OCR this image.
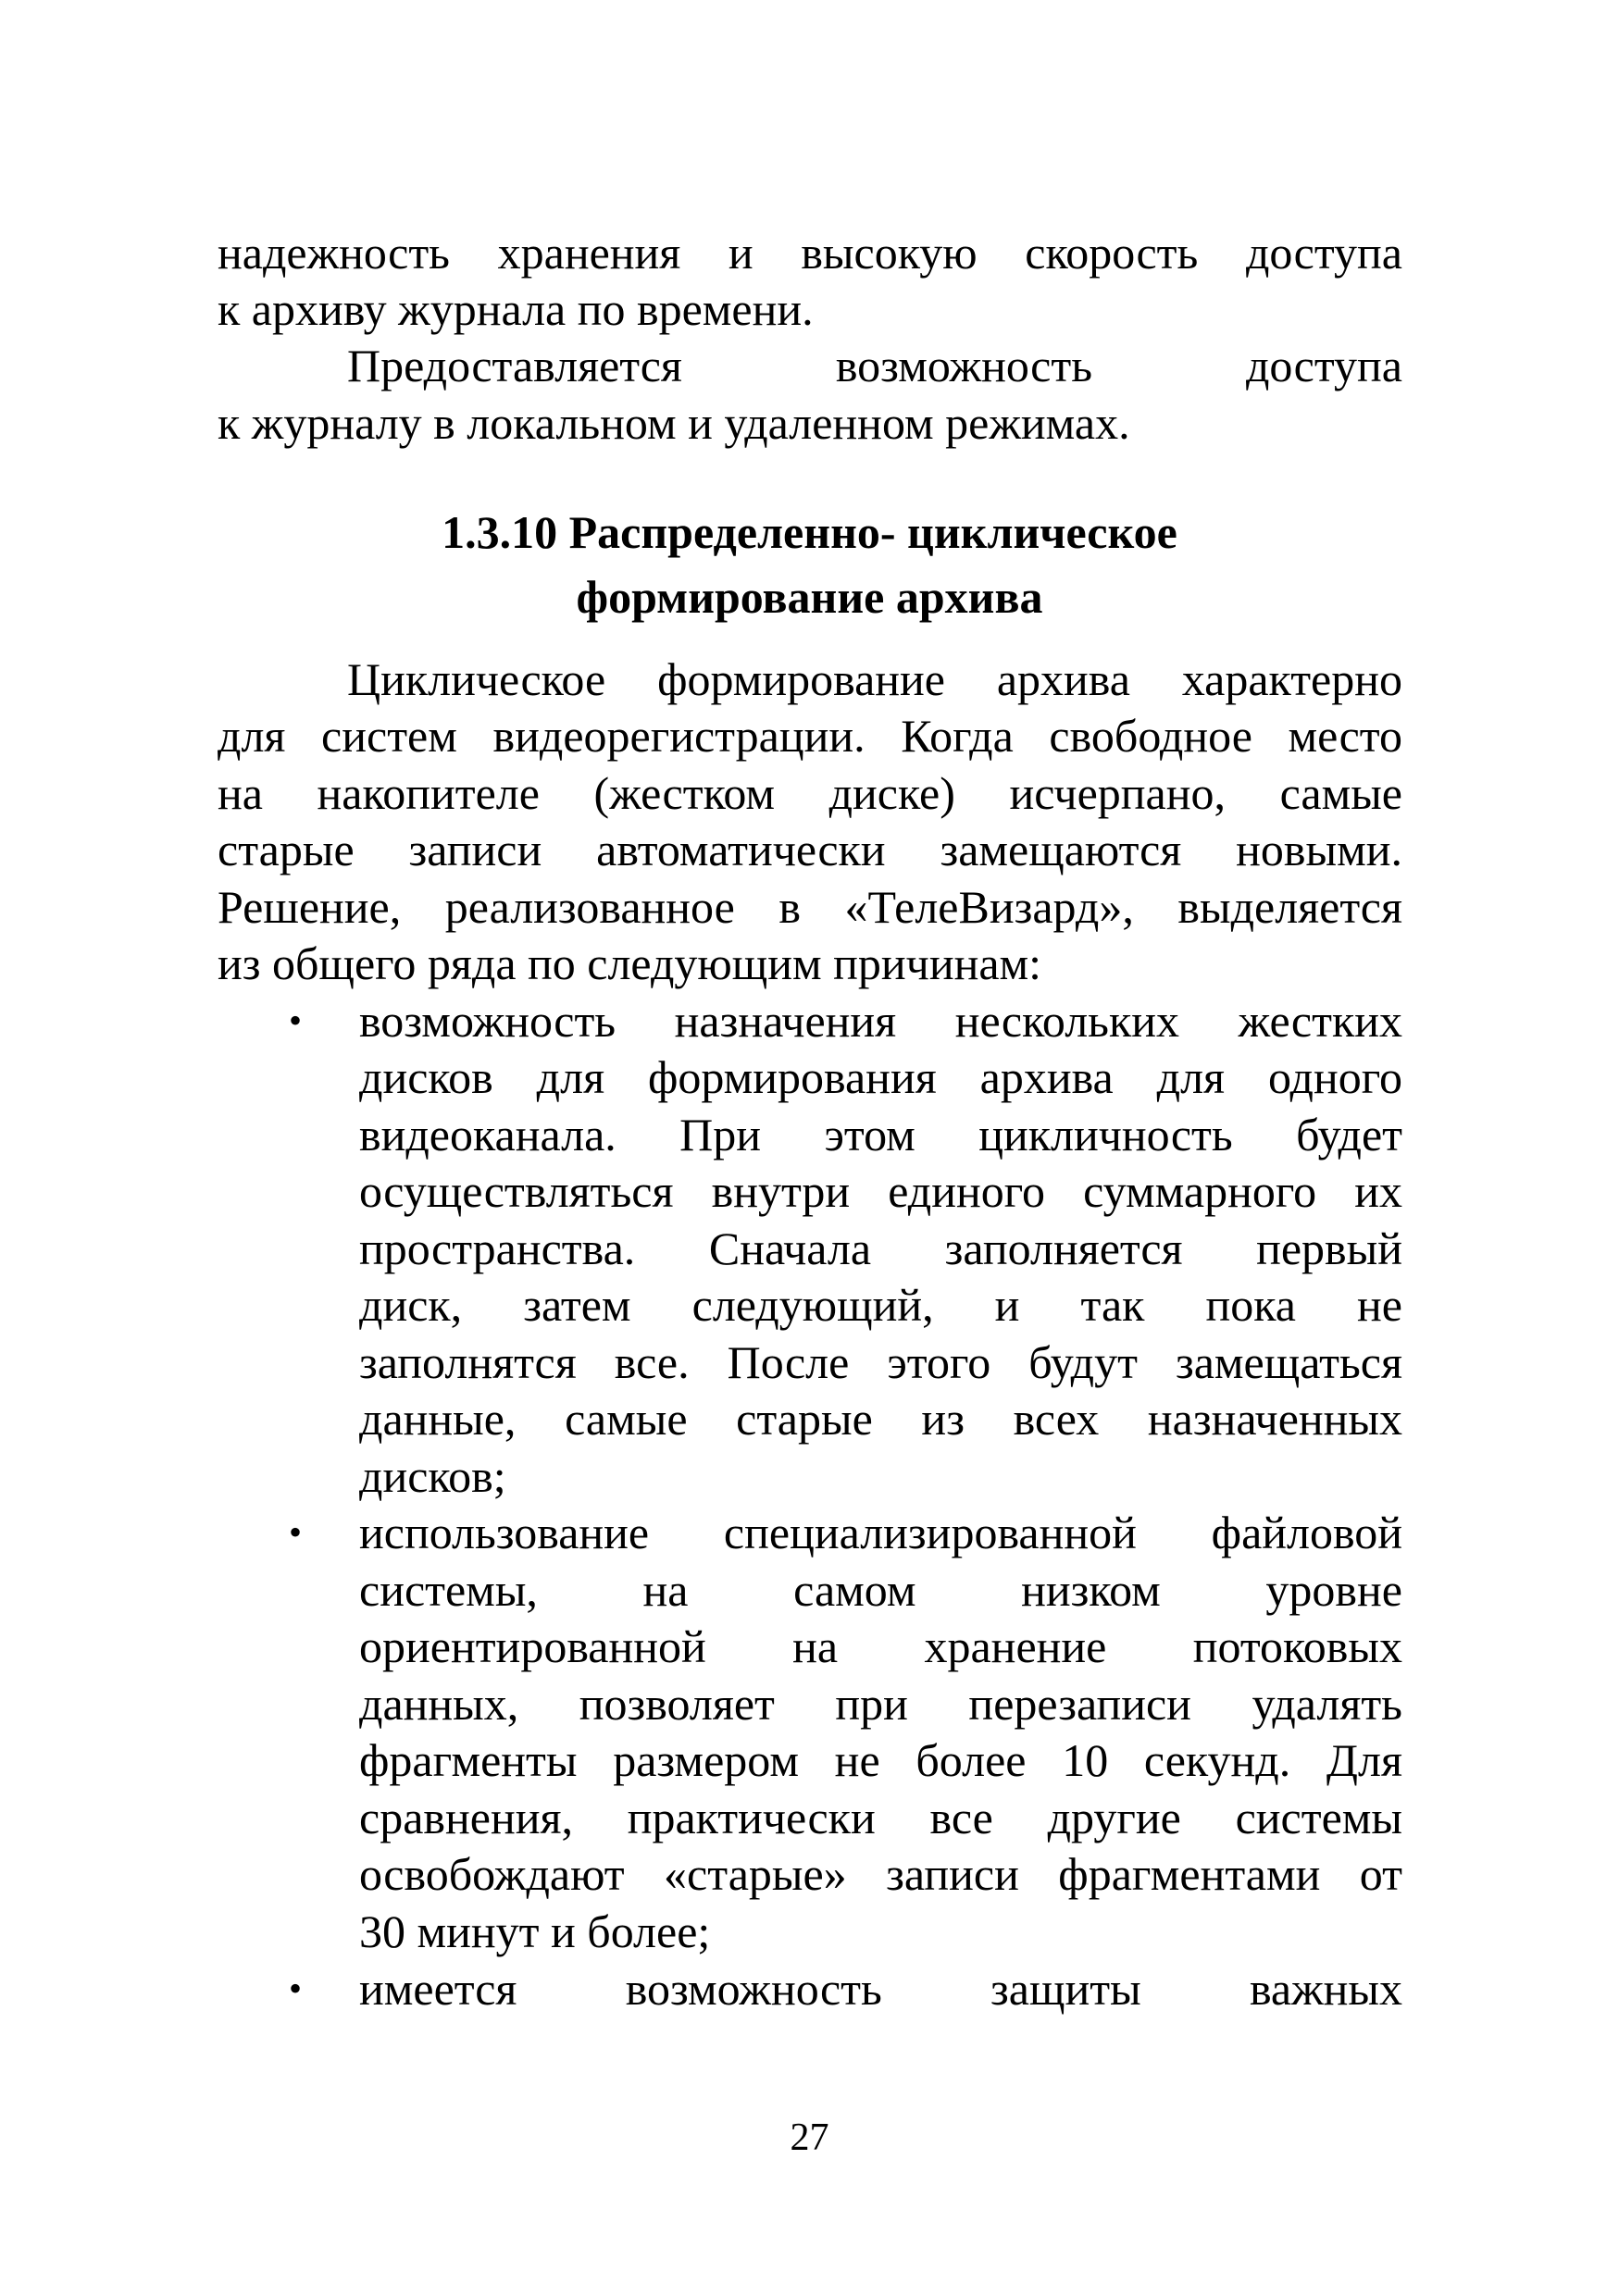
надежность хранения и высокую скорость доступа
к архиву журнала по времени.
Предоставляется возможность доступа
к журналу в локальном и удаленном режимах.
1.3.10 Распределенно- циклическое
формирование архива
Циклическое формирование архива характерно
для систем видеорегистрации. Когда свободное место
на накопителе (жестком диске) исчерпано, самые
старые записи автоматически замещаются новыми.
Решение, реализованное в «ТелеВизард», выделяется
из общего ряда по следующим причинам:
• возможность назначения нескольких жестких
дисков для формирования архива для одного
видеоканала. При этом цикличность будет
осуществляться внутри единого суммарного их
пространства. Сначала заполняется первый
диск, затем следующий, и так пока не
заполнятся все. После этого будут замещаться
данные, самые старые из всех назначенных
дисков;
• использование специализированной файловой
системы, на самом низком уровне
ориентированной на хранение потоковых
данных, позволяет при перезаписи удалять
фрагменты размером не более 10 секунд. Для
сравнения, практически все другие системы
освобождают «старые» записи фрагментами от
30 минут и более;
• имеется возможность защиты важных
27
